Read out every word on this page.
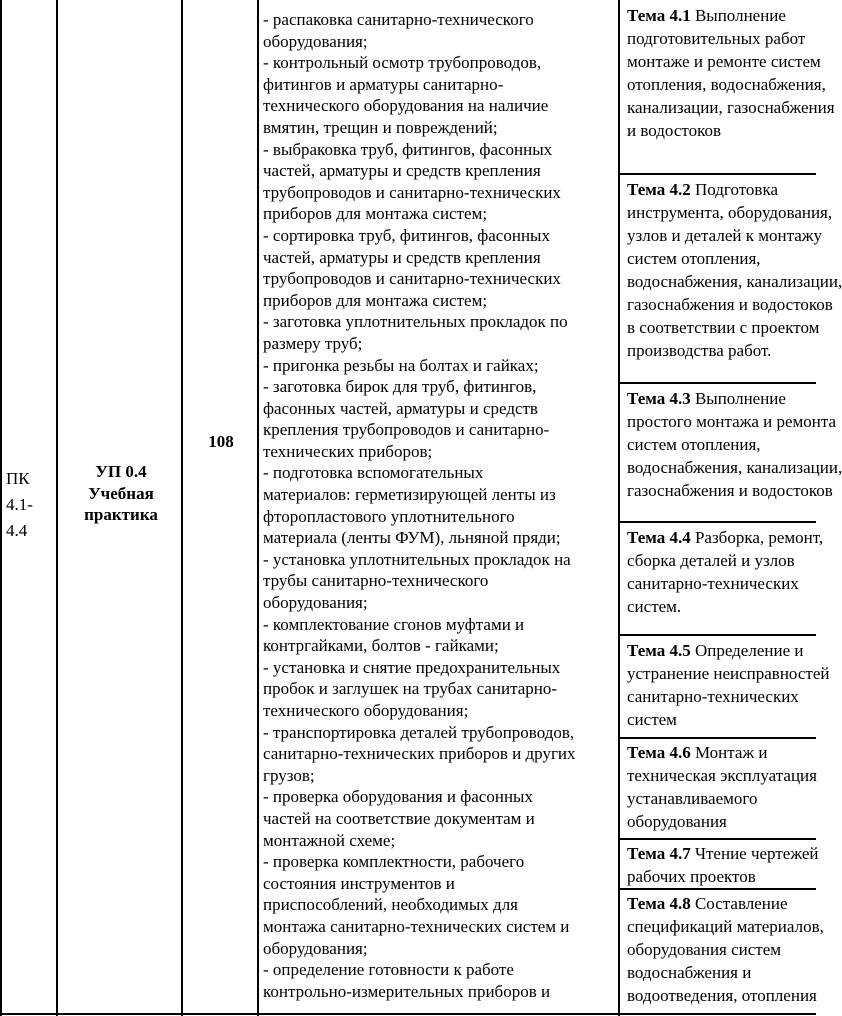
ПК
4.1-
4.4
УП 0.4
Учебная
практика
108
- распаковка санитарно-технического
оборудования;
- контрольный осмотр трубопроводов,
фитингов и арматуры санитарно-
технического оборудования на наличие
вмятин, трещин и повреждений;
- выбраковка труб, фитингов, фасонных
частей, арматуры и средств крепления
трубопроводов и санитарно-технических
приборов для монтажа систем;
- сортировка труб, фитингов, фасонных
частей, арматуры и средств крепления
трубопроводов и санитарно-технических
приборов для монтажа систем;
- заготовка уплотнительных прокладок по
размеру труб;
- пригонка резьбы на болтах и гайках;
- заготовка бирок для труб, фитингов,
фасонных частей, арматуры и средств
крепления трубопроводов и санитарно-
технических приборов;
- подготовка вспомогательных
материалов: герметизирующей ленты из
фторопластового уплотнительного
материала (ленты ФУМ), льняной пряди;
- установка уплотнительных прокладок на
трубы санитарно-технического
оборудования;
- комплектование сгонов муфтами и
контргайками, болтов - гайками;
- установка и снятие предохранительных
пробок и заглушек на трубах санитарно-
технического оборудования;
- транспортировка деталей трубопроводов,
санитарно-технических приборов и других
грузов;
- проверка оборудования и фасонных
частей на соответствие документам и
монтажной схеме;
- проверка комплектности, рабочего
состояния инструментов и
приспособлений, необходимых для
монтажа санитарно-технических систем и
оборудования;
- определение готовности к работе
контрольно-измерительных приборов и
Тема 4.1 Выполнение
подготовительных работ
монтаже и ремонте систем
отопления, водоснабжения,
канализации, газоснабжения
и водостоков
Тема 4.2 Подготовка
инструмента, оборудования,
узлов и деталей к монтажу
систем отопления,
водоснабжения, канализации,
газоснабжения и водостоков
в соответствии с проектом
производства работ.
Тема 4.3 Выполнение
простого монтажа и ремонта
систем отопления,
водоснабжения, канализации,
газоснабжения и водостоков
Тема 4.4 Разборка, ремонт,
сборка деталей и узлов
санитарно-технических
систем.
Тема 4.5 Определение и
устранение неисправностей
санитарно-технических
систем
Тема 4.6 Монтаж и
техническая эксплуатация
устанавливаемого
оборудования
Тема 4.7 Чтение чертежей
рабочих проектов
Тема 4.8 Составление
спецификаций материалов,
оборудования систем
водоснабжения и
водоотведения, отопления
